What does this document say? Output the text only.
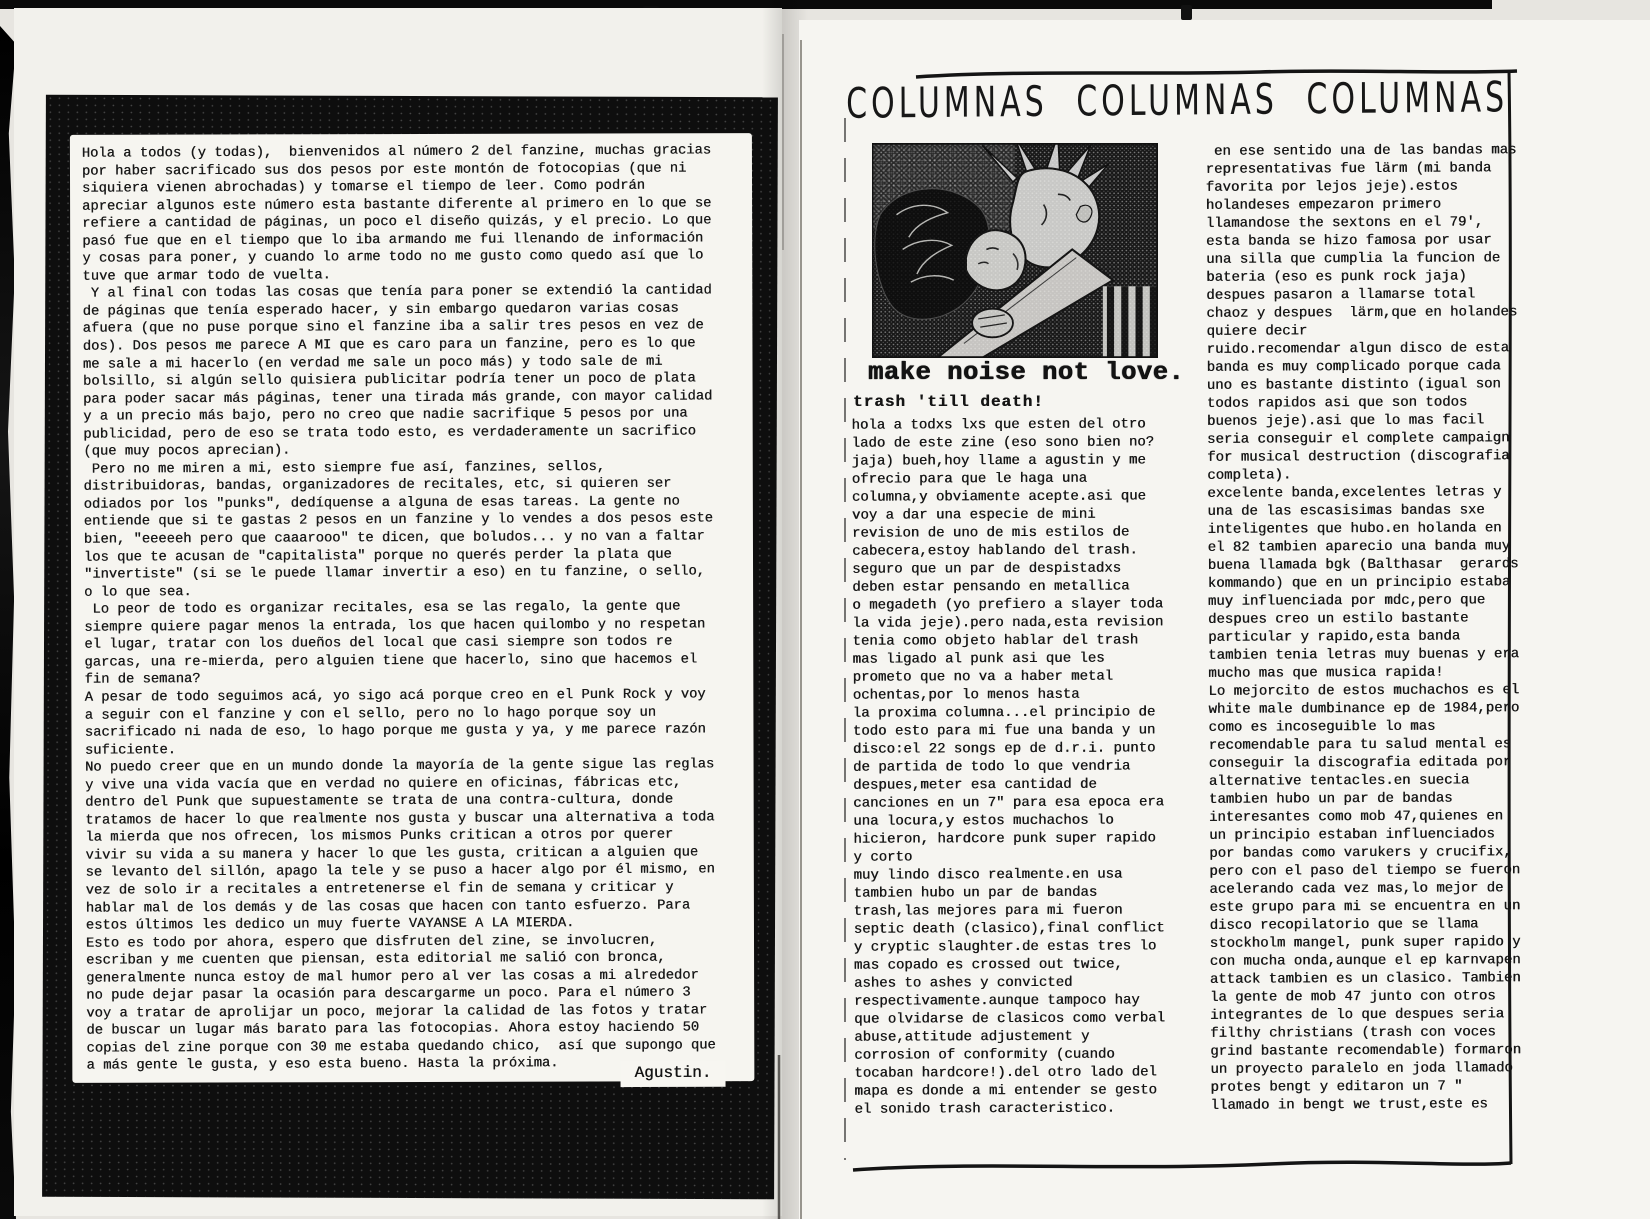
Hola a todos (y todas),  bienvenidos al número 2 del fanzine, muchas gracias
por haber sacrificado sus dos pesos por este montón de fotocopias (que ni
siquiera vienen abrochadas) y tomarse el tiempo de leer. Como podrán
apreciar algunos este número esta bastante diferente al primero en lo que se
refiere a cantidad de páginas, un poco el diseño quizás, y el precio. Lo que
pasó fue que en el tiempo que lo iba armando me fui llenando de información
y cosas para poner, y cuando lo arme todo no me gusto como quedo así que lo
tuve que armar todo de vuelta.
Y al final con todas las cosas que tenía para poner se extendió la cantidad
de páginas que tenía esperado hacer, y sin embargo quedaron varias cosas
afuera (que no puse porque sino el fanzine iba a salir tres pesos en vez de
dos). Dos pesos me parece A MI que es caro para un fanzine, pero es lo que
me sale a mi hacerlo (en verdad me sale un poco más) y todo sale de mi
bolsillo, si algún sello quisiera publicitar podría tener un poco de plata
para poder sacar más páginas, tener una tirada más grande, con mayor calidad
y a un precio más bajo, pero no creo que nadie sacrifique 5 pesos por una
publicidad, pero de eso se trata todo esto, es verdaderamente un sacrifico
(que muy pocos aprecian).
Pero no me miren a mi, esto siempre fue así, fanzines, sellos,
distribuidoras, bandas, organizadores de recitales, etc, si quieren ser
odiados por los "punks", dedíquense a alguna de esas tareas. La gente no
entiende que si te gastas 2 pesos en un fanzine y lo vendes a dos pesos este
bien, "eeeeeh pero que caaarooo" te dicen, que boludos... y no van a faltar
los que te acusan de "capitalista" porque no querés perder la plata que
"invertiste" (si se le puede llamar invertir a eso) en tu fanzine, o sello,
o lo que sea.
Lo peor de todo es organizar recitales, esa se las regalo, la gente que
siempre quiere pagar menos la entrada, los que hacen quilombo y no respetan
el lugar, tratar con los dueños del local que casi siempre son todos re
garcas, una re-mierda, pero alguien tiene que hacerlo, sino que hacemos el
fin de semana?
A pesar de todo seguimos acá, yo sigo acá porque creo en el Punk Rock y voy
a seguir con el fanzine y con el sello, pero no lo hago porque soy un
sacrificado ni nada de eso, lo hago porque me gusta y ya, y me parece razón
suficiente.
No puedo creer que en un mundo donde la mayoría de la gente sigue las reglas
y vive una vida vacía que en verdad no quiere en oficinas, fábricas etc,
dentro del Punk que supuestamente se trata de una contra-cultura, donde
tratamos de hacer lo que realmente nos gusta y buscar una alternativa a toda
la mierda que nos ofrecen, los mismos Punks critican a otros por querer
vivir su vida a su manera y hacer lo que les gusta, critican a alguien que
se levanto del sillón, apago la tele y se puso a hacer algo por él mismo, en
vez de solo ir a recitales a entretenerse el fin de semana y criticar y
hablar mal de los demás y de las cosas que hacen con tanto esfuerzo. Para
estos últimos les dedico un muy fuerte VAYANSE A LA MIERDA.
Esto es todo por ahora, espero que disfruten del zine, se involucren,
escriban y me cuenten que piensan, esta editorial me salió con bronca,
generalmente nunca estoy de mal humor pero al ver las cosas a mi alrededor
no pude dejar pasar la ocasión para descargarme un poco. Para el número 3
voy a tratar de aprolijar un poco, mejorar la calidad de las fotos y tratar
de buscar un lugar más barato para las fotocopias. Ahora estoy haciendo 50
copias del zine porque con 30 me estaba quedando chico,  así que supongo que
a más gente le gusta, y eso esta bueno. Hasta la próxima.	Agustin.
COLUMNAS COLUMNAS COLUMNAS
make noise not love.
trash 'till death!
hola a todxs lxs que esten del otro
lado de este zine (eso sono bien no?
jaja) bueh,hoy llame a agustin y me
ofrecio para que le haga una
columna,y obviamente acepte.asi que
voy a dar una especie de mini
revision de uno de mis estilos de
cabecera,estoy hablando del trash.
seguro que un par de despistadxs
deben estar pensando en metallica
o megadeth (yo prefiero a slayer toda
la vida jeje).pero nada,esta revision
tenia como objeto hablar del trash
mas ligado al punk asi que les
prometo que no va a haber metal
ochentas,por lo menos hasta
la proxima columna...el principio de
todo esto para mi fue una banda y un
disco:el 22 songs ep de d.r.i. punto
de partida de todo lo que vendria
despues,meter esa cantidad de
canciones en un 7" para esa epoca era
una locura,y estos muchachos lo
hicieron, hardcore punk super rapido
y corto
muy lindo disco realmente.en usa
tambien hubo un par de bandas
trash,las mejores para mi fueron
septic death (clasico),final conflict
y cryptic slaughter.de estas tres lo
mas copado es crossed out twice,
ashes to ashes y convicted
respectivamente.aunque tampoco hay
que olvidarse de clasicos como verbal
abuse,attitude adjustement y
corrosion of conformity (cuando
tocaban hardcore!).del otro lado del
mapa es donde a mi entender se gesto
el sonido trash caracteristico.
en ese sentido una de las bandas mas
representativas fue lärm (mi banda
favorita por lejos jeje).estos
holandeses empezaron primero
llamandose the sextons en el 79',
esta banda se hizo famosa por usar
una silla que cumplia la funcion de
bateria (eso es punk rock jaja)
despues pasaron a llamarse total
chaoz y despues  lärm,que en holandes
quiere decir
ruido.recomendar algun disco de esta
banda es muy complicado porque cada
uno es bastante distinto (igual son
todos rapidos asi que son todos
buenos jeje).asi que lo mas facil
seria conseguir el complete campaign
for musical destruction (discografia
completa).
excelente banda,excelentes letras y
una de las escasisimas bandas sxe
inteligentes que hubo.en holanda en
el 82 tambien aparecio una banda muy
buena llamada bgk (Balthasar  gerards
kommando) que en un principio estaba
muy influenciada por mdc,pero que
despues creo un estilo bastante
particular y rapido,esta banda
tambien tenia letras muy buenas y era
mucho mas que musica rapida!
Lo mejorcito de estos muchachos es el
white male dumbinance ep de 1984,pero
como es incoseguible lo mas
recomendable para tu salud mental es
conseguir la discografia editada por
alternative tentacles.en suecia
tambien hubo un par de bandas
interesantes como mob 47,quienes en
un principio estaban influenciados
por bandas como varukers y crucifix,
pero con el paso del tiempo se fueron
acelerando cada vez mas,lo mejor de
este grupo para mi se encuentra en un
disco recopilatorio que se llama
stockholm mangel, punk super rapido y
con mucha onda,aunque el ep karnvapen
attack tambien es un clasico. Tambien
la gente de mob 47 junto con otros
integrantes de lo que despues seria
filthy christians (trash con voces
grind bastante recomendable) formaron
un proyecto paralelo en joda llamado
protes bengt y editaron un 7 "
llamado in bengt we trust,este es
